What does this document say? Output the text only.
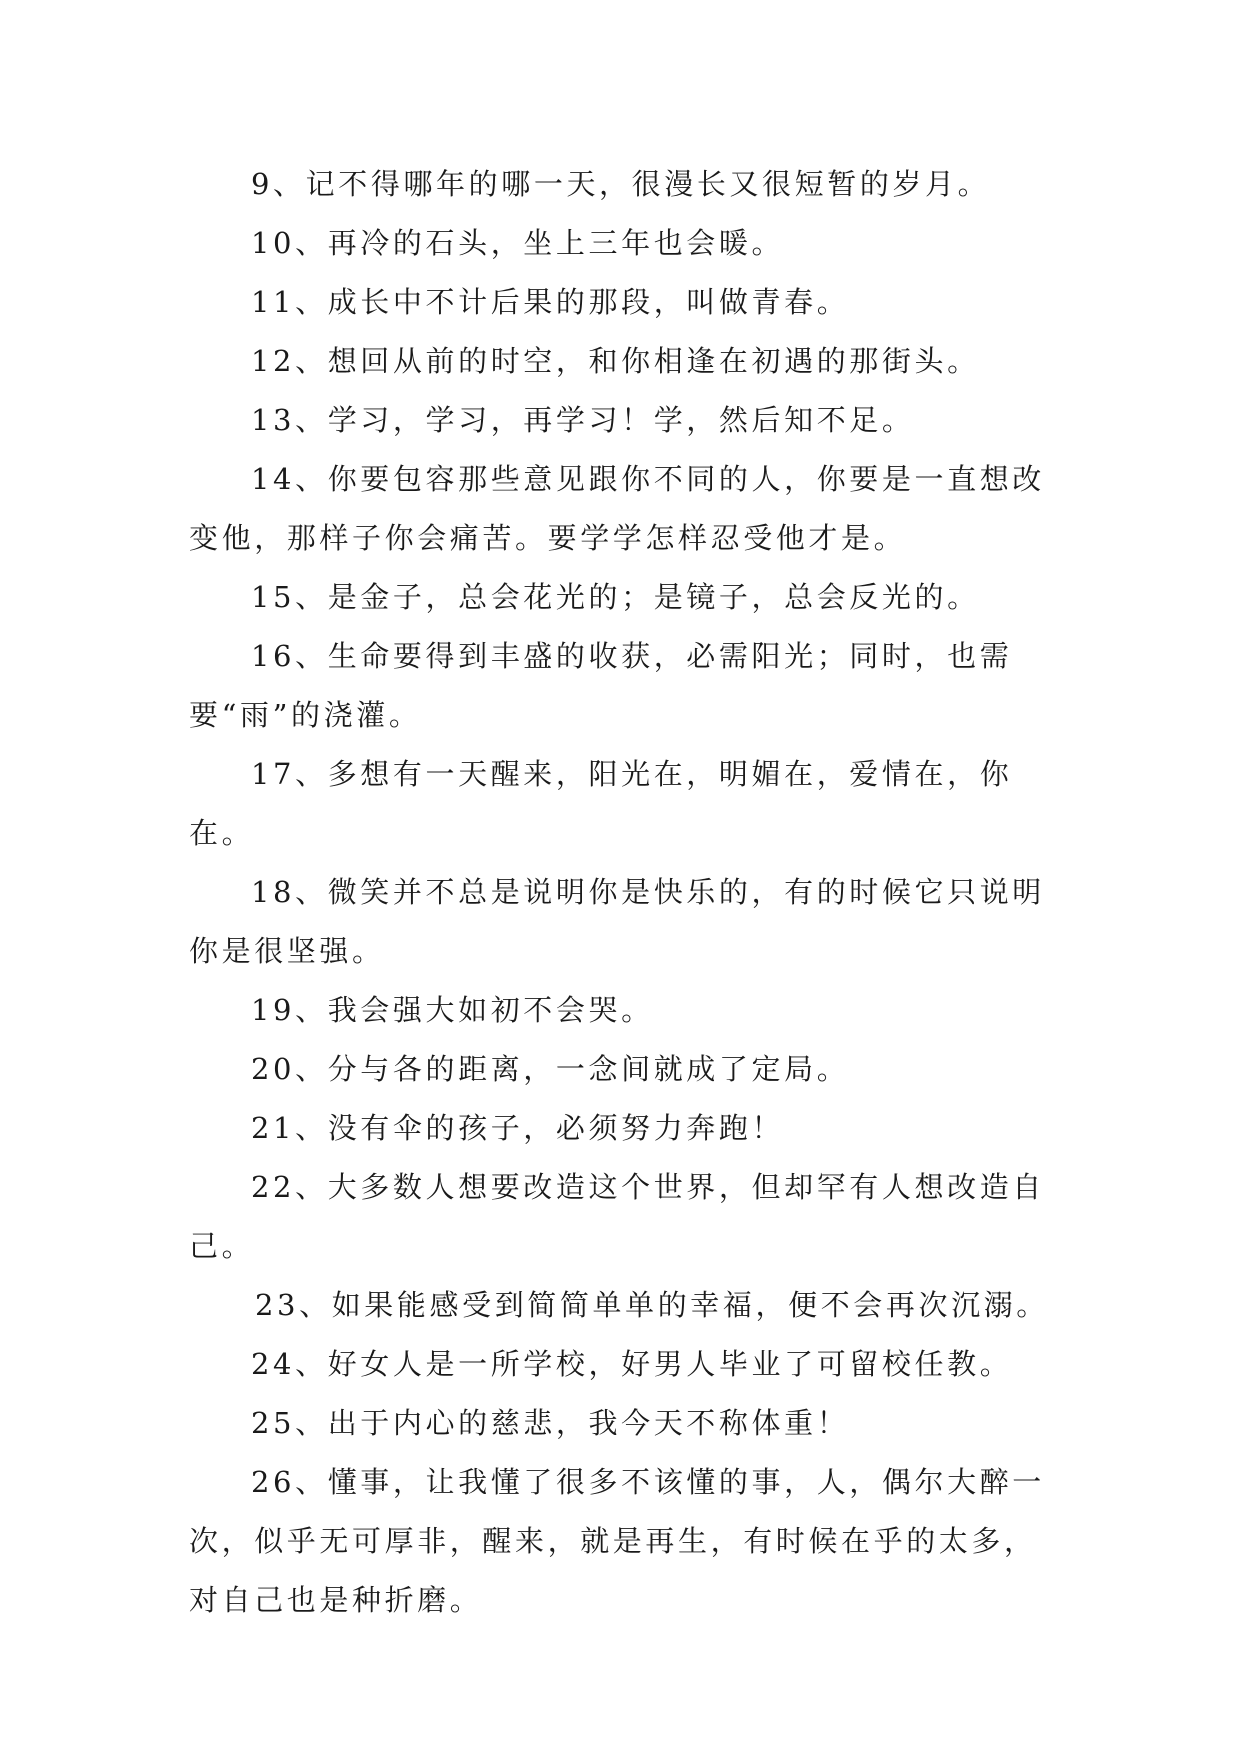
9、记不得哪年的哪一天，很漫长又很短暂的岁月。

10、再冷的石头，坐上三年也会暖。

11、成长中不计后果的那段，叫做青春。

12、想回从前的时空，和你相逢在初遇的那街头。

13、学习，学习，再学习！学，然后知不足。

14、你要包容那些意见跟你不同的人，你要是一直想改变他，那样子你会痛苦。要学学怎样忍受他才是。

15、是金子，总会花光的；是镜子，总会反光的。

16、生命要得到丰盛的收获，必需阳光；同时，也需要“雨”的浇灌。

17、多想有一天醒来，阳光在，明媚在，爱情在，你在。

18、微笑并不总是说明你是快乐的，有的时候它只说明你是很坚强。

19、我会强大如初不会哭。

20、分与各的距离，一念间就成了定局。

21、没有伞的孩子，必须努力奔跑！

22、大多数人想要改造这个世界，但却罕有人想改造自己。

23、如果能感受到简简单单的幸福，便不会再次沉溺。

24、好女人是一所学校，好男人毕业了可留校任教。

25、出于内心的慈悲，我今天不称体重！

26、懂事，让我懂了很多不该懂的事，人，偶尔大醉一次，似乎无可厚非，醒来，就是再生，有时候在乎的太多，对自己也是种折磨。
